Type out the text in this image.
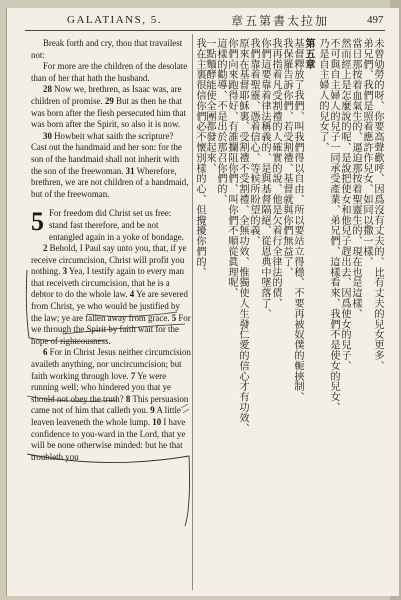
GALATIANS, 5.	章五第書太拉加	497

Break forth and cry, thou that travailest not:

For more are the children of the desolate than of her that hath the husband.

28 Now we, brethren, as Isaac was, are children of promise. 29 But as then he that was born after the flesh persecuted him that was born after the Spirit, so also it is now.

30 Howbeit what saith the scripture? Cast out the handmaid and her son: for the son of the handmaid shall not inherit with the son of the freewoman. 31 Wherefore, brethren, we are not children of a handmaid, but of the freewoman.

5 For freedom did Christ set us free: stand fast therefore, and be not entangled again in a yoke of bondage.

2 Behold, I Paul say unto you, that, if ye receive circumcision, Christ will profit you nothing. 3 Yea, I testify again to every man that receiveth circumcision, that he is a debtor to do the whole law. 4 Ye are severed from Christ, ye who would be justified by the law; ye are fallen away from grace. 5 For we through the Spirit by faith wait for the hope of righteousness.

6 For in Christ Jesus neither circumcision availeth anything, nor uncircumcision; but faith working through love. 7 Ye were running well; who hindered you that ye should not obey the truth? 8 This persuasion came not of him that calleth you. 9 A little leaven leaveneth the whole lump. 10 I have confidence to you-ward in the Lord, that ye will be none otherwise minded: but he that troubleth you

未曾劬勞的呀、你要高聲歡呼、因爲沒有丈夫的、比有丈夫的兒女更多、
弟兄們、我們是照着應許作兒女、如同以撒一樣、
當日那按着血氣生的、逼迫那按着聖靈生的、現在也是這樣、
然而經上是怎麼說的呢、是說把使女和他兒子趕出去、因爲使女的兒子、
不可與自主婦人的兒子一同承受產業、弟兄們、這樣看來、我們不是使女的兒女、
乃是自主婦人的兒女了、
第五章
基督釋放了我們、叫我們得以自由、所以要站立得穩、不要再被奴僕的軛挾制、
我保羅告訴你們、若受割禮、基督就與你們無益了、
我再指着凡受割禮的人確實的說、他是欠着行全律法的債、
你們這要靠着律法稱義的、是與基督隔絕、從恩典中墜落了、
我們靠着聖靈、憑着信心、等候所盼望的義、
原來在基督耶穌裏、受割禮不受割禮、全無功效、惟獨使人生發仁愛的信心才有功效、
你們向來跑得好、有誰攔阻你們、叫你們不順從眞理呢、
這樣的勸導、不是出於那召你們的、
一點麵酵能使全團都發起來、
我在主裏很信你們必不懷別樣的心、但攪擾你們的、
